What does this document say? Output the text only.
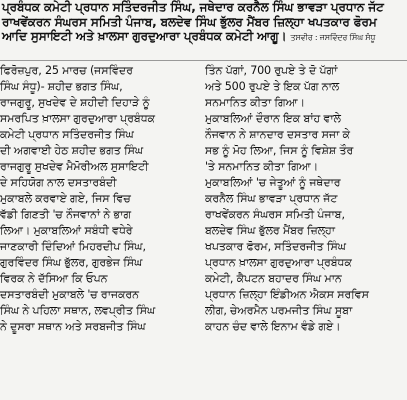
ਪ੍ਰਬੰਧਕ ਕਮੇਟੀ ਪ੍ਰਧਾਨ ਸਤਿੰਦਰਜੀਤ ਸਿੰਘ, ਜਥੇਦਾਰ ਕਰਨੈਲ ਸਿੰਘ ਭਾਵੜਾ ਪ੍ਰਧਾਨ ਜੱਟ
ਰਾਖਵੇਂਕਰਨ ਸੰਘਰਸ ਸਮਿਤੀ ਪੰਜਾਬ, ਬਲਦੇਵ ਸਿੰਘ ਭੁੱਲਰ ਮੈਂਬਰ ਜ਼ਿਲ੍ਹਾ ਖਪਤਕਾਰ ਫੋਰਮ
ਆਦਿ ਸੁਸਾਇਟੀ ਅਤੇ ਖ਼ਾਲਸਾ ਗੁਰਦੁਆਰਾ ਪ੍ਰਬੰਧਕ ਕਮੇਟੀ ਆਗੂ। ਤਸਵੀਰ : ਜਸਵਿੰਦਰ ਸਿੰਘ ਸੰਧੂ
ਫਿਰੋਜ਼ਪੁਰ, 25 ਮਾਰਚ (ਜਸਵਿੰਦਰ
ਸਿੰਘ ਸੰਧੂ)- ਸ਼ਹੀਦ ਭਗਤ ਸਿੰਘ,
ਰਾਜਗੁਰੂ, ਸੁਖਦੇਵ ਦੇ ਸ਼ਹੀਦੀ ਦਿਹਾੜੇ ਨੂੰ
ਸਮਰਪਿਤ ਖ਼ਾਲਸਾ ਗੁਰਦੁਆਰਾ ਪ੍ਰਬੰਧਕ
ਕਮੇਟੀ ਪ੍ਰਧਾਨ ਸਤਿੰਦਰਜੀਤ ਸਿੰਘ
ਦੀ ਅਗਵਾਈ ਹੇਠ ਸ਼ਹੀਦ ਭਗਤ ਸਿੰਘ
ਰਾਜਗੁਰੂ ਸੁਖਦੇਵ ਮੈਮੋਰੀਅਲ ਸੁਸਾਇਟੀ
ਦੇ ਸਹਿਯੋਗ ਨਾਲ ਦਸਤਾਰਬੰਦੀ
ਮੁਕਾਬਲੇ ਕਰਵਾਏ ਗਏ, ਜਿਸ ਵਿਚ
ਵੱਡੀ ਗਿਣਤੀ 'ਚ ਨੌਜਵਾਨਾਂ ਨੇ ਭਾਗ
ਲਿਆ। ਮੁਕਾਬਲਿਆਂ ਸਬੰਧੀ ਵਧੇਰੇ
ਜਾਣਕਾਰੀ ਦਿੰਦਿਆਂ ਮਿਹਰਦੀਪ ਸਿੰਘ,
ਗੁਰਵਿੰਦਰ ਸਿੰਘ ਭੁੱਲਰ, ਗੁਰਭੇਜ ਸਿੰਘ
ਵਿਰਕ ਨੇ ਦੱਸਿਆ ਕਿ ਓਪਨ
ਦਸਤਾਰਬੰਦੀ ਮੁਕਾਬਲੇ 'ਚ ਰਾਜਕਰਨ
ਸਿੰਘ ਨੇ ਪਹਿਲਾ ਸਥਾਨ, ਲਵਪ੍ਰੀਤ ਸਿੰਘ
ਨੇ ਦੂਸਰਾ ਸਥਾਨ ਅਤੇ ਸਰਬਜੀਤ ਸਿੰਘ
ਤਿੰਨ ਪੱਗਾਂ, 700 ਰੁਪਏ ਤੇ ਦੋ ਪੱਗਾਂ
ਅਤੇ 500 ਰੁਪਏ ਤੇ ਇਕ ਪੱਗ ਨਾਲ
ਸਨਮਾਨਿਤ ਕੀਤਾ ਗਿਆ।
ਮੁਕਾਬਲਿਆਂ ਦੌਰਾਨ ਇਕ ਬਾਂਹ ਵਾਲੇ
ਨੌਜਵਾਨ ਨੇ ਸ਼ਾਨਦਾਰ ਦਸਤਾਰ ਸਜਾ ਕੇ
ਸਭ ਨੂੰ ਮੋਹ ਲਿਆ, ਜਿਸ ਨੂੰ ਵਿਸ਼ੇਸ਼ ਤੌਰ
'ਤੇ ਸਨਮਾਨਿਤ ਕੀਤਾ ਗਿਆ।
ਮੁਕਾਬਲਿਆਂ 'ਚ ਜੇਤੂਆਂ ਨੂੰ ਜਥੇਦਾਰ
ਕਰਨੈਲ ਸਿੰਘ ਭਾਵੜਾ ਪ੍ਰਧਾਨ ਜੱਟ
ਰਾਖਵੇਂਕਰਨ ਸੰਘਰਸ ਸਮਿਤੀ ਪੰਜਾਬ,
ਬਲਦੇਵ ਸਿੰਘ ਭੁੱਲਰ ਮੈਂਬਰ ਜ਼ਿਲ੍ਹਾ
ਖਪਤਕਾਰ ਫੋਰਮ, ਸਤਿੰਦਰਜੀਤ ਸਿੰਘ
ਪ੍ਰਧਾਨ ਖ਼ਾਲਸਾ ਗੁਰਦੁਆਰਾ ਪ੍ਰਬੰਧਕ
ਕਮੇਟੀ, ਕੈਪਟਨ ਬਹਾਦਰ ਸਿੰਘ ਮਾਨ
ਪ੍ਰਧਾਨ ਜ਼ਿਲ੍ਹਾ ਇੰਡੀਅਨ ਐਕਸ ਸਰਵਿਸ
ਲੀਗ, ਚੇਅਰਮੈਨ ਪਰਮਜੀਤ ਸਿੰਘ ਸੂਬਾ
ਕਾਹਨ ਚੰਦ ਵਾਲੇ ਇਨਾਮ ਵੰਡੇ ਗਏ।
